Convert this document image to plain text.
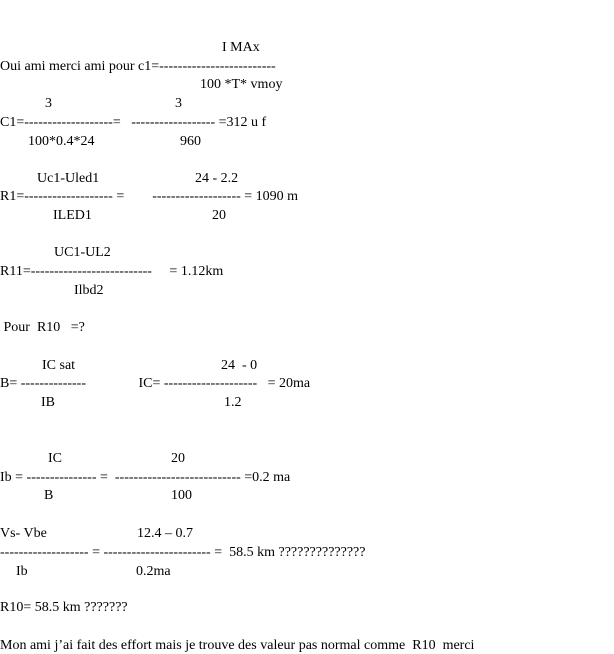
I MAx
Oui ami merci ami pour c1=-------------------------
100 *T* vmoy
3	3
C1=-------------------=   ------------------ =312 u f
100*0.4*24	960
Uc1-Uled1	24 - 2.2
R1=------------------- =        ------------------- = 1090 m
ILED1	20
UC1-UL2
R11=--------------------------     = 1.12km
Ilbd2
Pour  R10   =?
IC sat	24  - 0
B= --------------               IC= --------------------   = 20ma
IB	1.2
IC	20
Ib = --------------- =  --------------------------- =0.2 ma
B	100
Vs- Vbe	12.4 – 0.7
------------------- = ----------------------- =  58.5 km ??????????????
Ib	0.2ma
R10= 58.5 km ???????
Mon ami j’ai fait des effort mais je trouve des valeur pas normal comme  R10  merci
